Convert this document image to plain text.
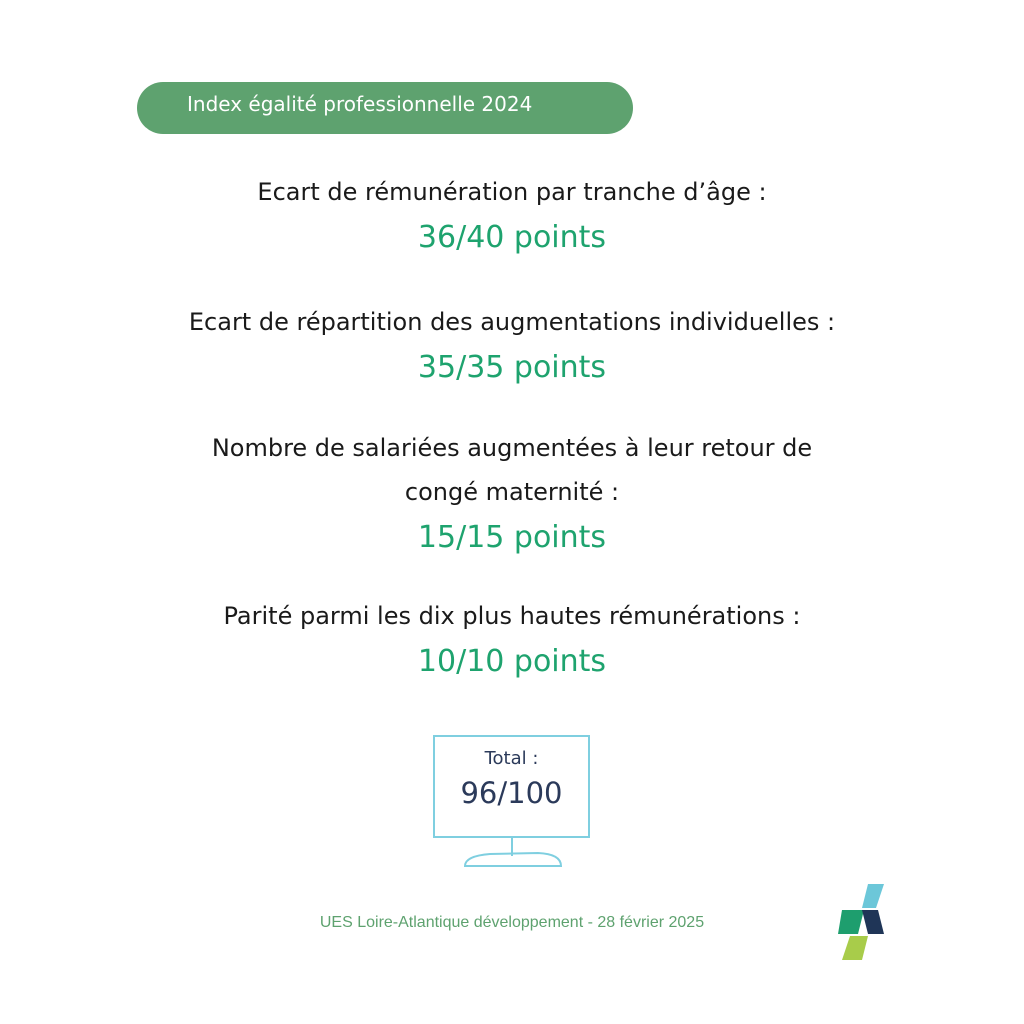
Index égalité professionnelle 2024

Ecart de rémunération par tranche d’âge :

36/40 points

Ecart de répartition des augmentations individuelles :

35/35 points

Nombre de salariées augmentées à leur retour de

congé maternité :

15/15 points

Parité parmi les dix plus hautes rémunérations :

10/10 points

Total :
96/100
UES Loire-Atlantique développement - 28 février 2025
